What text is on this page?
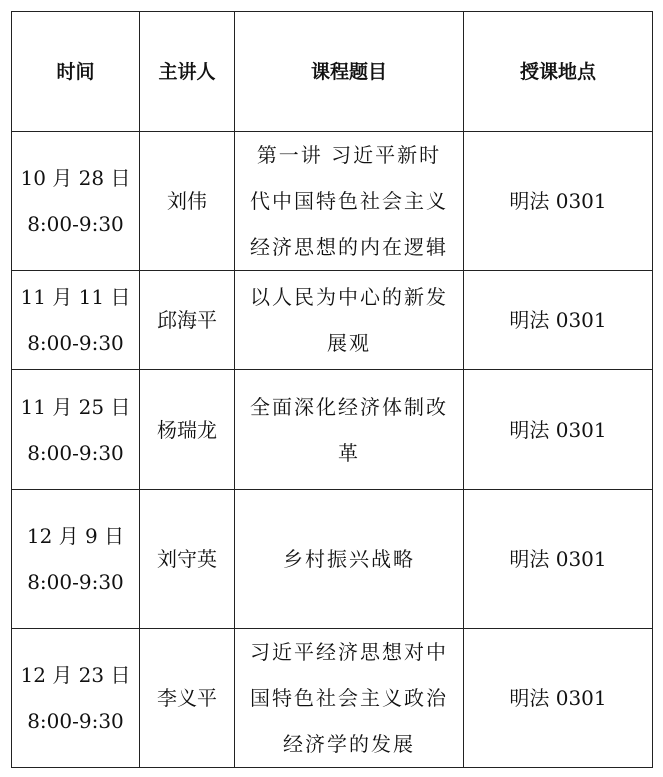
时间	主讲人	课程题目	授课地点

10 月 28 日
8:00-9:30	刘伟	第一讲 习近平新时
代中国特色社会主义
经济思想的内在逻辑	明法 0301

11 月 11 日
8:00-9:30	邱海平	以人民为中心的新发
展观	明法 0301

11 月 25 日
8:00-9:30	杨瑞龙	全面深化经济体制改
革	明法 0301

12 月 9 日
8:00-9:30	刘守英	乡村振兴战略	明法 0301

12 月 23 日
8:00-9:30	李义平	习近平经济思想对中
国特色社会主义政治
经济学的发展	明法 0301
